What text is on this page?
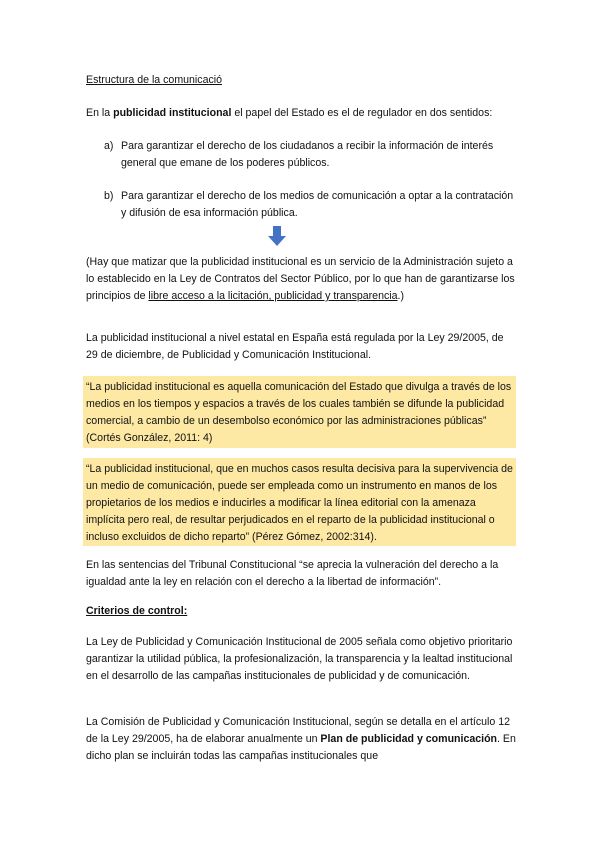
Estructura de la comunicació

En la publicidad institucional el papel del Estado es el de regulador en dos sentidos:

a) Para garantizar el derecho de los ciudadanos a recibir la información de interés general que emane de los poderes públicos.

b) Para garantizar el derecho de los medios de comunicación a optar a la contratación y difusión de esa información pública.

(Hay que matizar que la publicidad institucional es un servicio de la Administración sujeto a lo establecido en la Ley de Contratos del Sector Público, por lo que han de garantizarse los principios de libre acceso a la licitación, publicidad y transparencia.)

La publicidad institucional a nivel estatal en España está regulada por la Ley 29/2005, de 29 de diciembre, de Publicidad y Comunicación Institucional.

“La publicidad institucional es aquella comunicación del Estado que divulga a través de los medios en los tiempos y espacios a través de los cuales también se difunde la publicidad comercial, a cambio de un desembolso económico por las administraciones públicas” (Cortés González, 2011: 4)

“La publicidad institucional, que en muchos casos resulta decisiva para la supervivencia de un medio de comunicación, puede ser empleada como un instrumento en manos de los propietarios de los medios e inducirles a modificar la línea editorial con la amenaza implícita pero real, de resultar perjudicados en el reparto de la publicidad institucional o incluso excluidos de dicho reparto” (Pérez Gómez, 2002:314).

En las sentencias del Tribunal Constitucional “se aprecia la vulneración del derecho a la igualdad ante la ley en relación con el derecho a la libertad de información”.

Criterios de control:

La Ley de Publicidad y Comunicación Institucional de 2005 señala como objetivo prioritario garantizar la utilidad pública, la profesionalización, la transparencia y la lealtad institucional en el desarrollo de las campañas institucionales de publicidad y de comunicación.

La Comisión de Publicidad y Comunicación Institucional, según se detalla en el artículo 12 de la Ley 29/2005, ha de elaborar anualmente un Plan de publicidad y comunicación. En dicho plan se incluirán todas las campañas institucionales que
